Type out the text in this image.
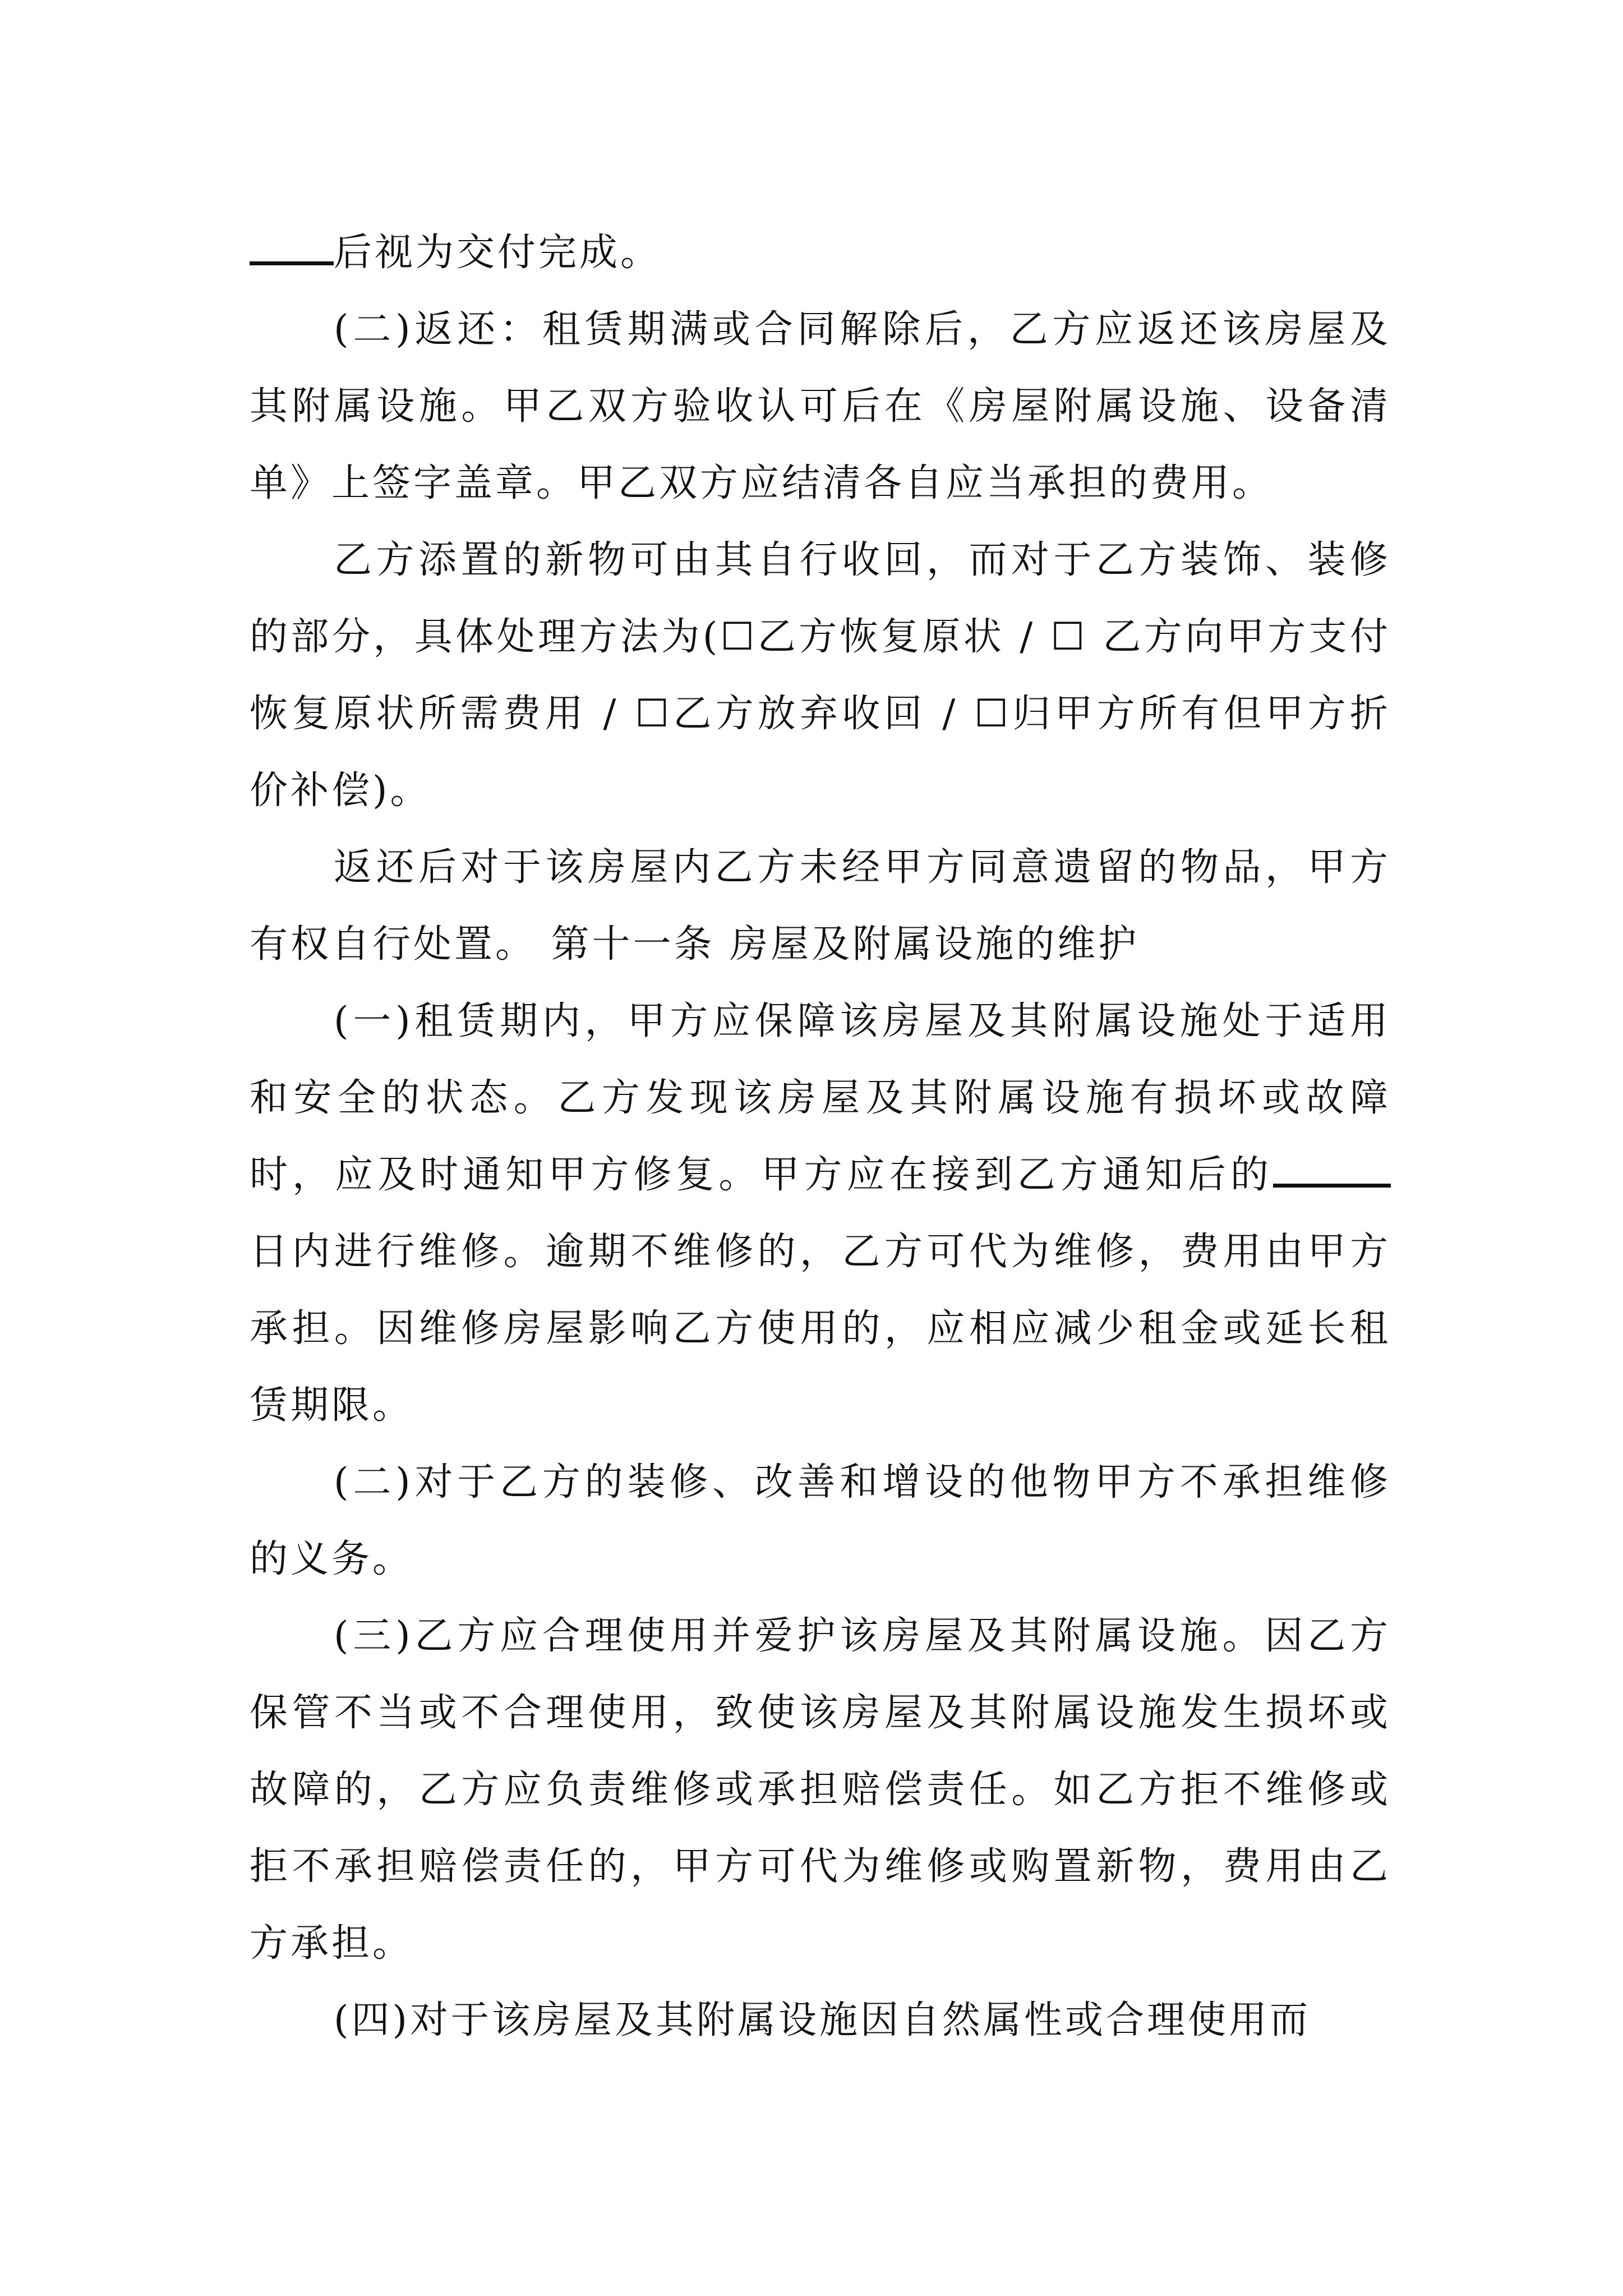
后视为交付完成。

(二)返还：租赁期满或合同解除后，乙方应返还该房屋及其附属设施。甲乙双方验收认可后在《房屋附属设施、设备清单》上签字盖章。甲乙双方应结清各自应当承担的费用。

乙方添置的新物可由其自行收回，而对于乙方装饰、装修的部分，具体处理方法为(☐乙方恢复原状 / ☐ 乙方向甲方支付恢复原状所需费用 / ☐乙方放弃收回 / ☐归甲方所有但甲方折价补偿)。

返还后对于该房屋内乙方未经甲方同意遗留的物品，甲方有权自行处置。 第十一条 房屋及附属设施的维护

(一)租赁期内，甲方应保障该房屋及其附属设施处于适用和安全的状态。乙方发现该房屋及其附属设施有损坏或故障时，应及时通知甲方修复。甲方应在接到乙方通知后的日内进行维修。逾期不维修的，乙方可代为维修，费用由甲方承担。因维修房屋影响乙方使用的，应相应减少租金或延长租赁期限。

(二)对于乙方的装修、改善和增设的他物甲方不承担维修的义务。

(三)乙方应合理使用并爱护该房屋及其附属设施。因乙方保管不当或不合理使用，致使该房屋及其附属设施发生损坏或故障的，乙方应负责维修或承担赔偿责任。如乙方拒不维修或拒不承担赔偿责任的，甲方可代为维修或购置新物，费用由乙方承担。

(四)对于该房屋及其附属设施因自然属性或合理使用而
